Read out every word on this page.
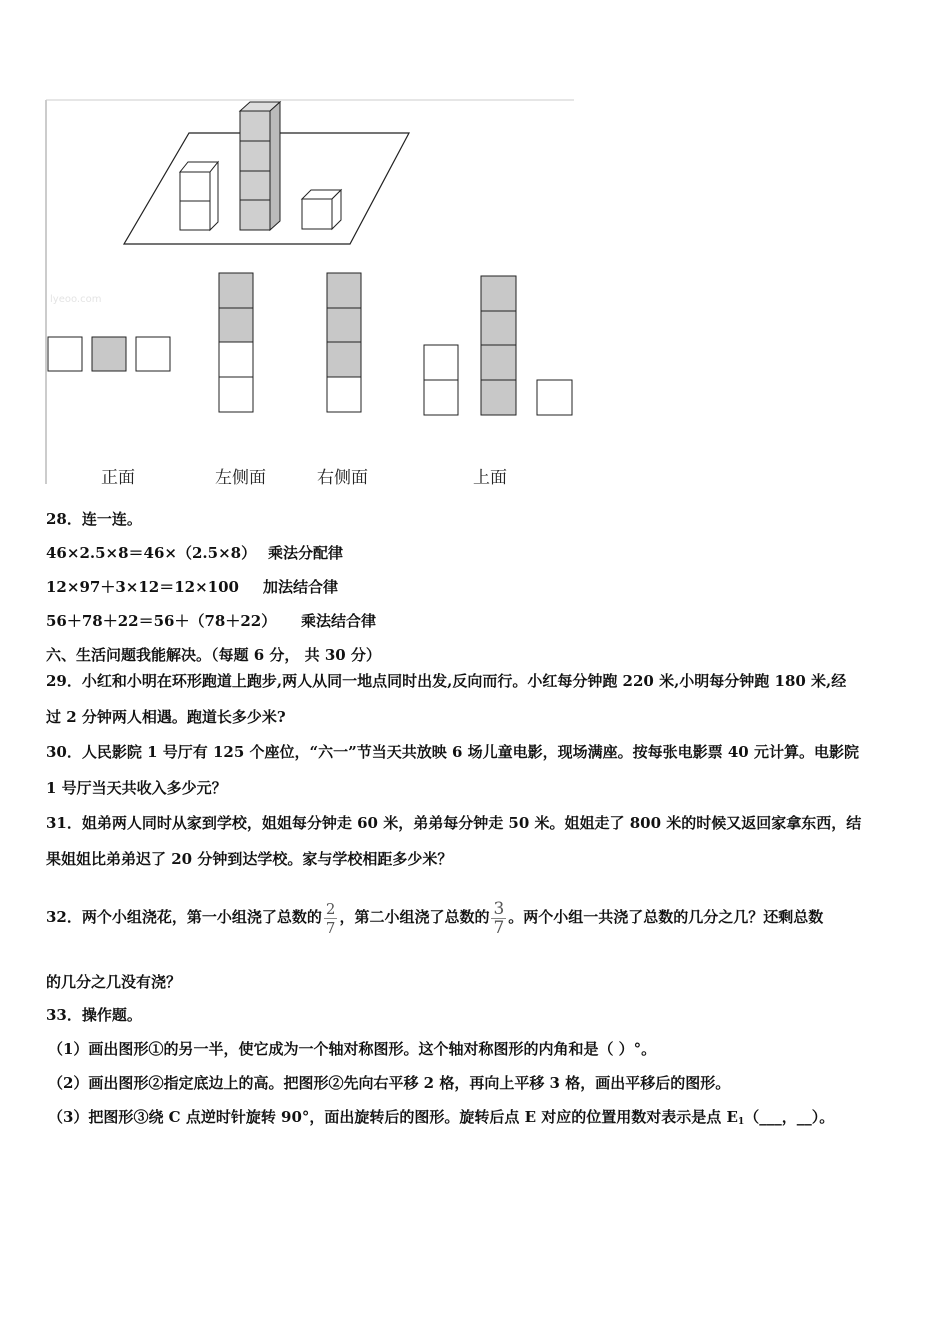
lyeoo.com
正面	左侧面	右侧面	上面
28．连一连。
46×2.5×8＝46×（2.5×8） 乘法分配律
12×97＋3×12＝12×100 加法结合律
56＋78＋22＝56＋（78＋22） 乘法结合律
六、生活问题我能解决。（每题 6 分， 共 30 分）
29．小红和小明在环形跑道上跑步,两人从同一地点同时出发,反向而行。小红每分钟跑 220 米,小明每分钟跑 180 米,经
过 2 分钟两人相遇。跑道长多少米?
30．人民影院 1 号厅有 125 个座位，“六一”节当天共放映 6 场儿童电影，现场满座。按每张电影票 40 元计算。电影院
1 号厅当天共收入多少元？
31．姐弟两人同时从家到学校，姐姐每分钟走 60 米，弟弟每分钟走 50 米。姐姐走了 800 米的时候又返回家拿东西，结
果姐姐比弟弟迟了 20 分钟到达学校。家与学校相距多少米？
32．两个小组浇花，第一小组浇了总数的 $\frac{2}{7}$ ，第二小组浇了总数的 $\frac{3}{7}$ 。两个小组一共浇了总数的几分之几？还剩总数
的几分之几没有浇？
33．操作题。
（1）画出图形①的另一半，使它成为一个轴对称图形。这个轴对称图形的内角和是（ ）°。
（2）画出图形②指定底边上的高。把图形②先向右平移 2 格，再向上平移 3 格，画出平移后的图形。
（3）把图形③绕 C 点逆时针旋转 90°，面出旋转后的图形。旋转后点 E 对应的位置用数对表示是点 $E_1(\_\_\_$，__）。
